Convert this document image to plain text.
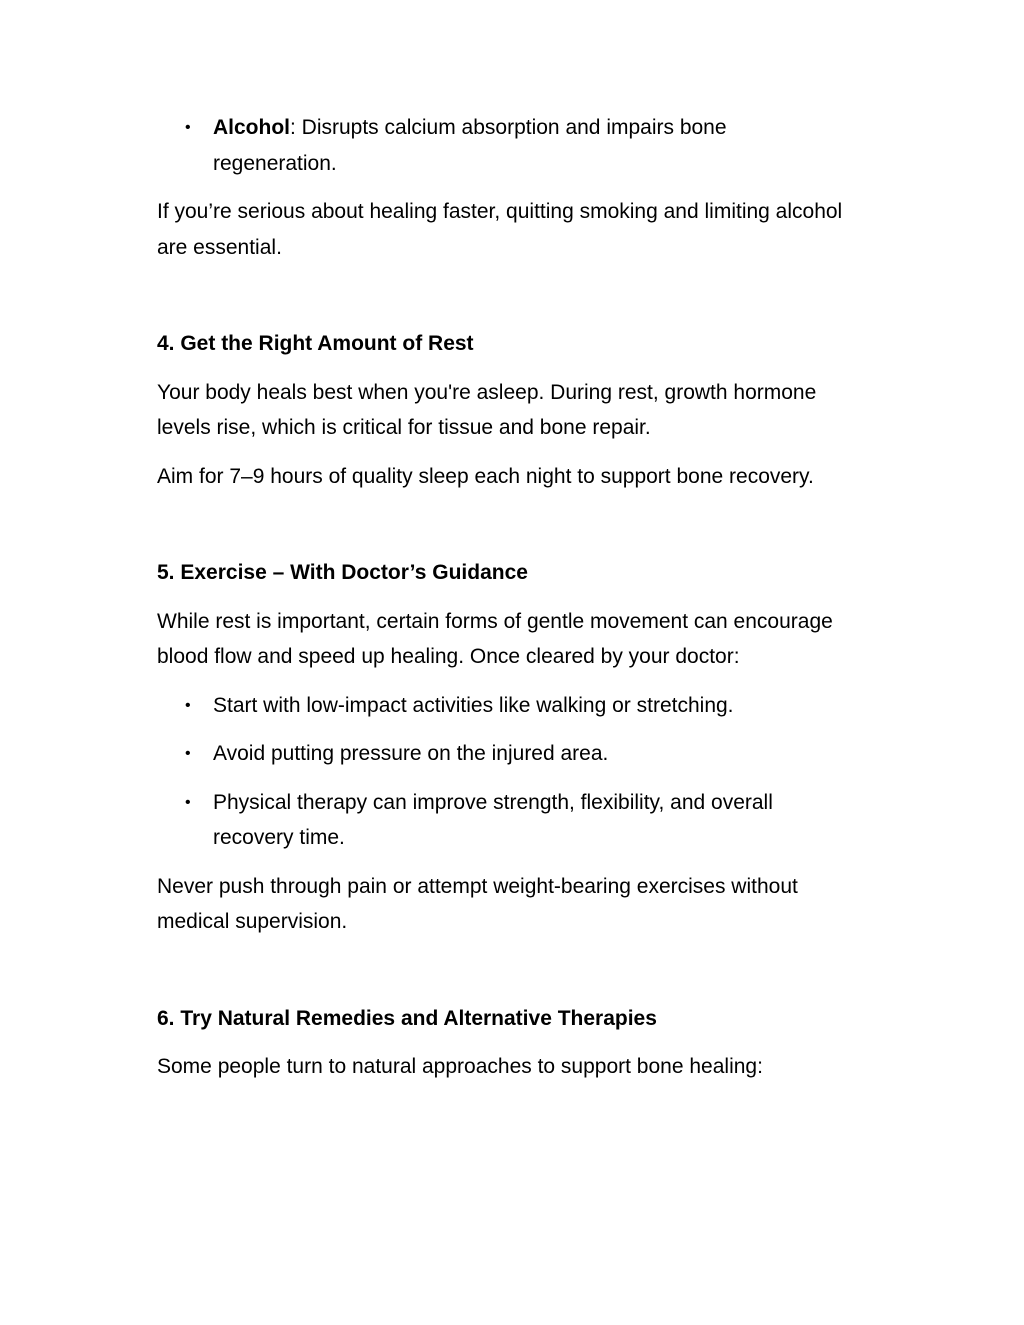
• Alcohol: Disrupts calcium absorption and impairs bone regeneration.

If you’re serious about healing faster, quitting smoking and limiting alcohol are essential.

4. Get the Right Amount of Rest

Your body heals best when you're asleep. During rest, growth hormone levels rise, which is critical for tissue and bone repair.

Aim for 7–9 hours of quality sleep each night to support bone recovery.

5. Exercise – With Doctor’s Guidance

While rest is important, certain forms of gentle movement can encourage blood flow and speed up healing. Once cleared by your doctor:

• Start with low-impact activities like walking or stretching.
• Avoid putting pressure on the injured area.
• Physical therapy can improve strength, flexibility, and overall recovery time.

Never push through pain or attempt weight-bearing exercises without medical supervision.

6. Try Natural Remedies and Alternative Therapies

Some people turn to natural approaches to support bone healing:
